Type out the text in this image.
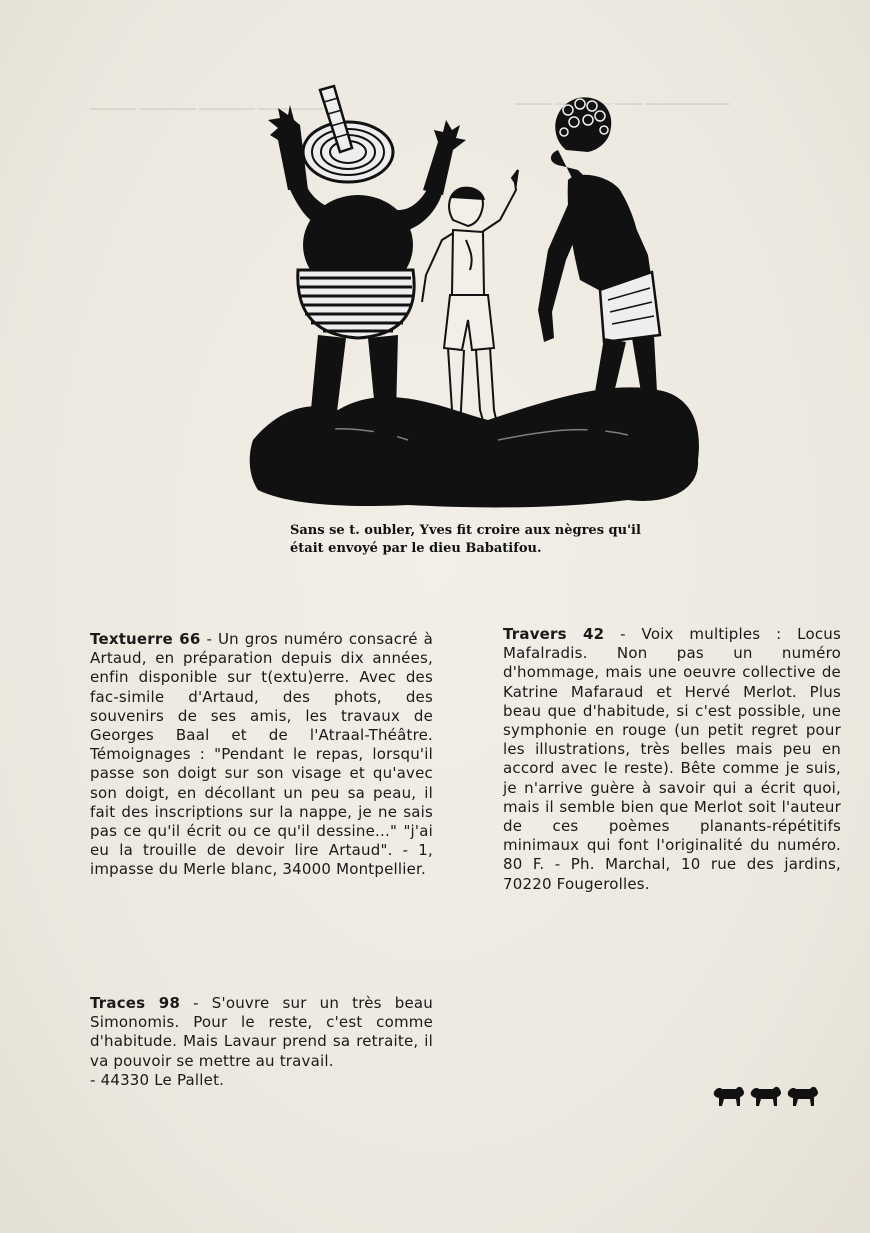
▁▁▁▁ ▁▁▁▁▁▁ ▁▁▁ ▁▁▁▁▁▁▁▁▁
▁▁▁▁▁ ▁▁▁▁▁▁ ▁▁▁▁▁▁ ▁▁▁▁▁▁▁
Sans se t. oubler, Yves fit croire aux nègres qu'il
était envoyé par le dieu Babatifou.
Textuerre 66 - Un gros numéro consacré à Artaud, en préparation depuis dix années, enfin disponible sur t(extu)erre. Avec des fac-simile d'Artaud, des phots, des souvenirs de ses amis, les travaux de Georges Baal et de l'Atraal-Théâtre. Témoignages : "Pendant le repas, lorsqu'il passe son doigt sur son visage et qu'avec son doigt, en décollant un peu sa peau, il fait des inscriptions sur la nappe, je ne sais pas ce qu'il écrit ou ce qu'il dessine..." "j'ai eu la trouille de devoir lire Artaud". - 1, impasse du Merle blanc, 34000 Montpellier.
Traces 98 - S'ouvre sur un très beau Simonomis. Pour le reste, c'est comme d'habitude. Mais Lavaur prend sa retraite, il va pouvoir se mettre au travail.
- 44330 Le Pallet.
Travers 42 - Voix multiples : Locus Mafalradis. Non pas un numéro d'hommage, mais une oeuvre collective de Katrine Mafaraud et Hervé Merlot. Plus beau que d'habitude, si c'est possible, une symphonie en rouge (un petit regret pour les illustrations, très belles mais peu en accord avec le reste). Bête comme je suis, je n'arrive guère à savoir qui a écrit quoi, mais il semble bien que Merlot soit l'auteur de ces poèmes planants-répétitifs minimaux qui font l'originalité du numéro. 80 F. - Ph. Marchal, 10 rue des jardins, 70220 Fougerolles.
